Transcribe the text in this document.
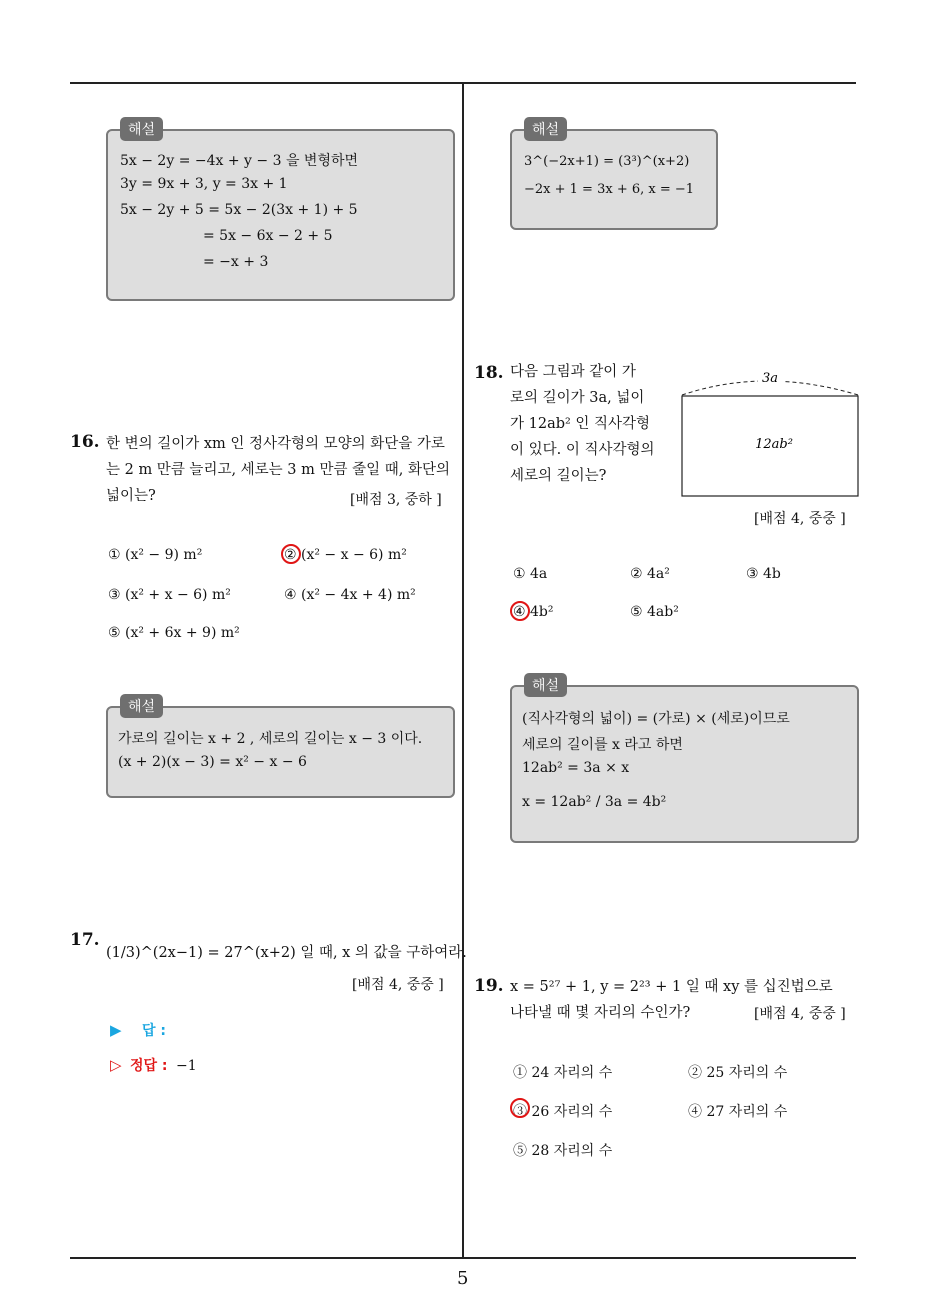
해설
5x − 2y = −4x + y − 3 을 변형하면
3y = 9x + 3, y = 3x + 1
5x − 2y + 5 = 5x − 2(3x + 1) + 5
= 5x − 6x − 2 + 5
= −x + 3
16. 한 변의 길이가 xm 인 정사각형의 모양의 화단을 가로
는 2 m 만큼 늘리고, 세로는 3 m 만큼 줄일 때, 화단의
넓이는?	[배점 3, 중하 ]
① (x² − 9) m²	② (x² − x − 6) m²
③ (x² + x − 6) m²	④ (x² − 4x + 4) m²
⑤ (x² + 6x + 9) m²
해설
가로의 길이는 x + 2 , 세로의 길이는 x − 3 이다.
(x + 2)(x − 3) = x² − x − 6
17.
(1/3)^(2x−1) = 27^(x+2) 일 때, x 의 값을 구하여라.
[배점 4, 중중 ]
▶ 답 :
▷ 정답 : −1
해설
3^(−2x+1) = (3³)^(x+2)
−2x + 1 = 3x + 6, x = −1
18. 다음 그림과 같이 가
로의 길이가 3a, 넓이
가 12ab² 인 직사각형
이 있다. 이 직사각형의
세로의 길이는?
3a
12ab²
[배점 4, 중중 ]
① 4a	② 4a²	③ 4b
④ 4b²	⑤ 4ab²
해설
(직사각형의 넓이) = (가로) × (세로)이므로
세로의 길이를 x 라고 하면
12ab² = 3a × x
x = 12ab² / 3a = 4b²
19. x = 5²⁷ + 1, y = 2²³ + 1 일 때 xy 를 십진법으로
나타낼 때 몇 자리의 수인가?	[배점 4, 중중 ]
① 24 자리의 수	② 25 자리의 수
③ 26 자리의 수	④ 27 자리의 수
⑤ 28 자리의 수
5
